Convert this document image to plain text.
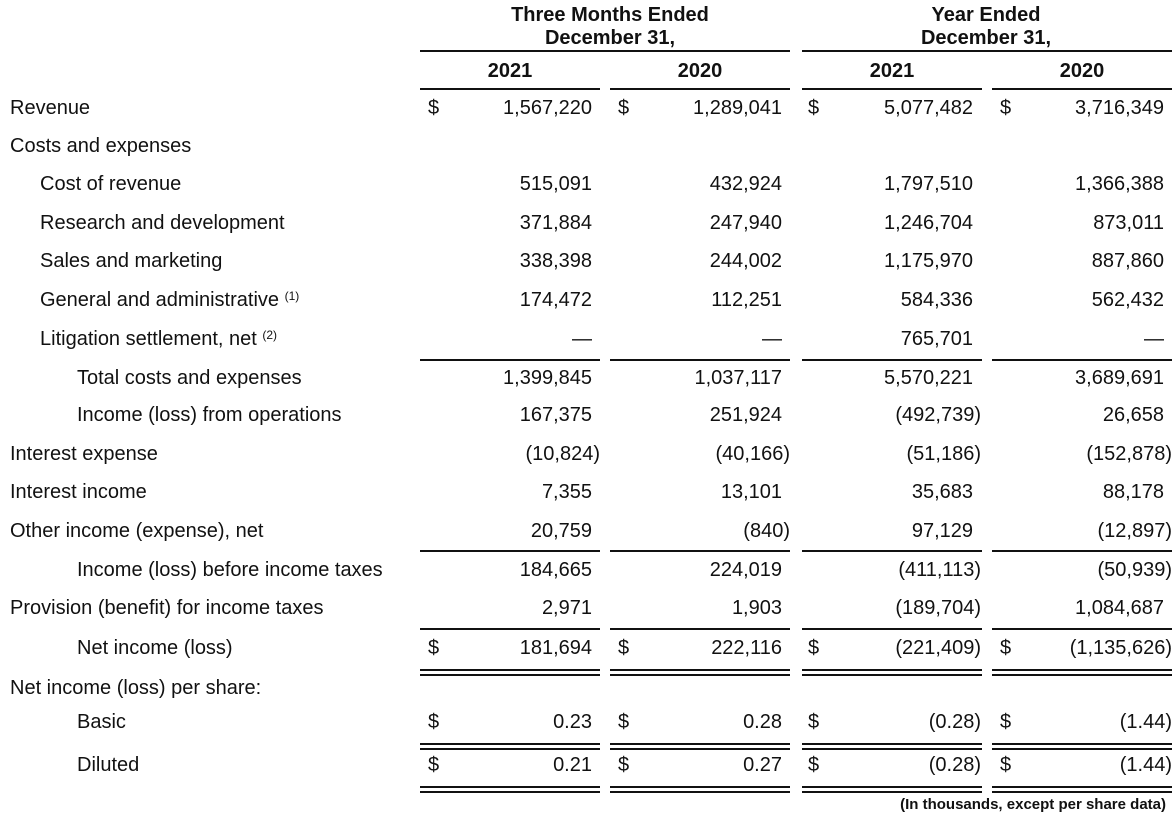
Three Months Ended
December 31,
Year Ended
December 31,
2021	2020	2021	2020
Revenue	$	1,567,220 $	1,289,041 $	5,077,482 $	3,716,349
Costs and expenses
Cost of revenue	515,091	432,924	1,797,510	1,366,388
Research and development	371,884	247,940	1,246,704	873,011
Sales and marketing	338,398	244,002	1,175,970	887,860
General and administrative $^{(1)}$	174,472	112,251	584,336	562,432
Litigation settlement, net $^{(2)}$	—	—	765,701	—
Total costs and expenses	1,399,845	1,037,117	5,570,221	3,689,691
Income (loss) from operations	167,375	251,924	(492,739)	26,658
Interest expense	(10,824)	(40,166)	(51,186)	(152,878)
Interest income	7,355	13,101	35,683	88,178
Other income (expense), net	20,759	(840)	97,129	(12,897)
Income (loss) before income taxes	184,665	224,019	(411,113)	(50,939)
Provision (benefit) for income taxes	2,971	1,903	(189,704)	1,084,687
Net income (loss)	$	181,694 $	222,116 $	(221,409) $	(1,135,626)
Net income (loss) per share:
Basic	$	0.23 $	0.28 $	(0.28) $	(1.44)
Diluted	$	0.21 $	0.27 $	(0.28) $	(1.44)
(In thousands, except per share data)
